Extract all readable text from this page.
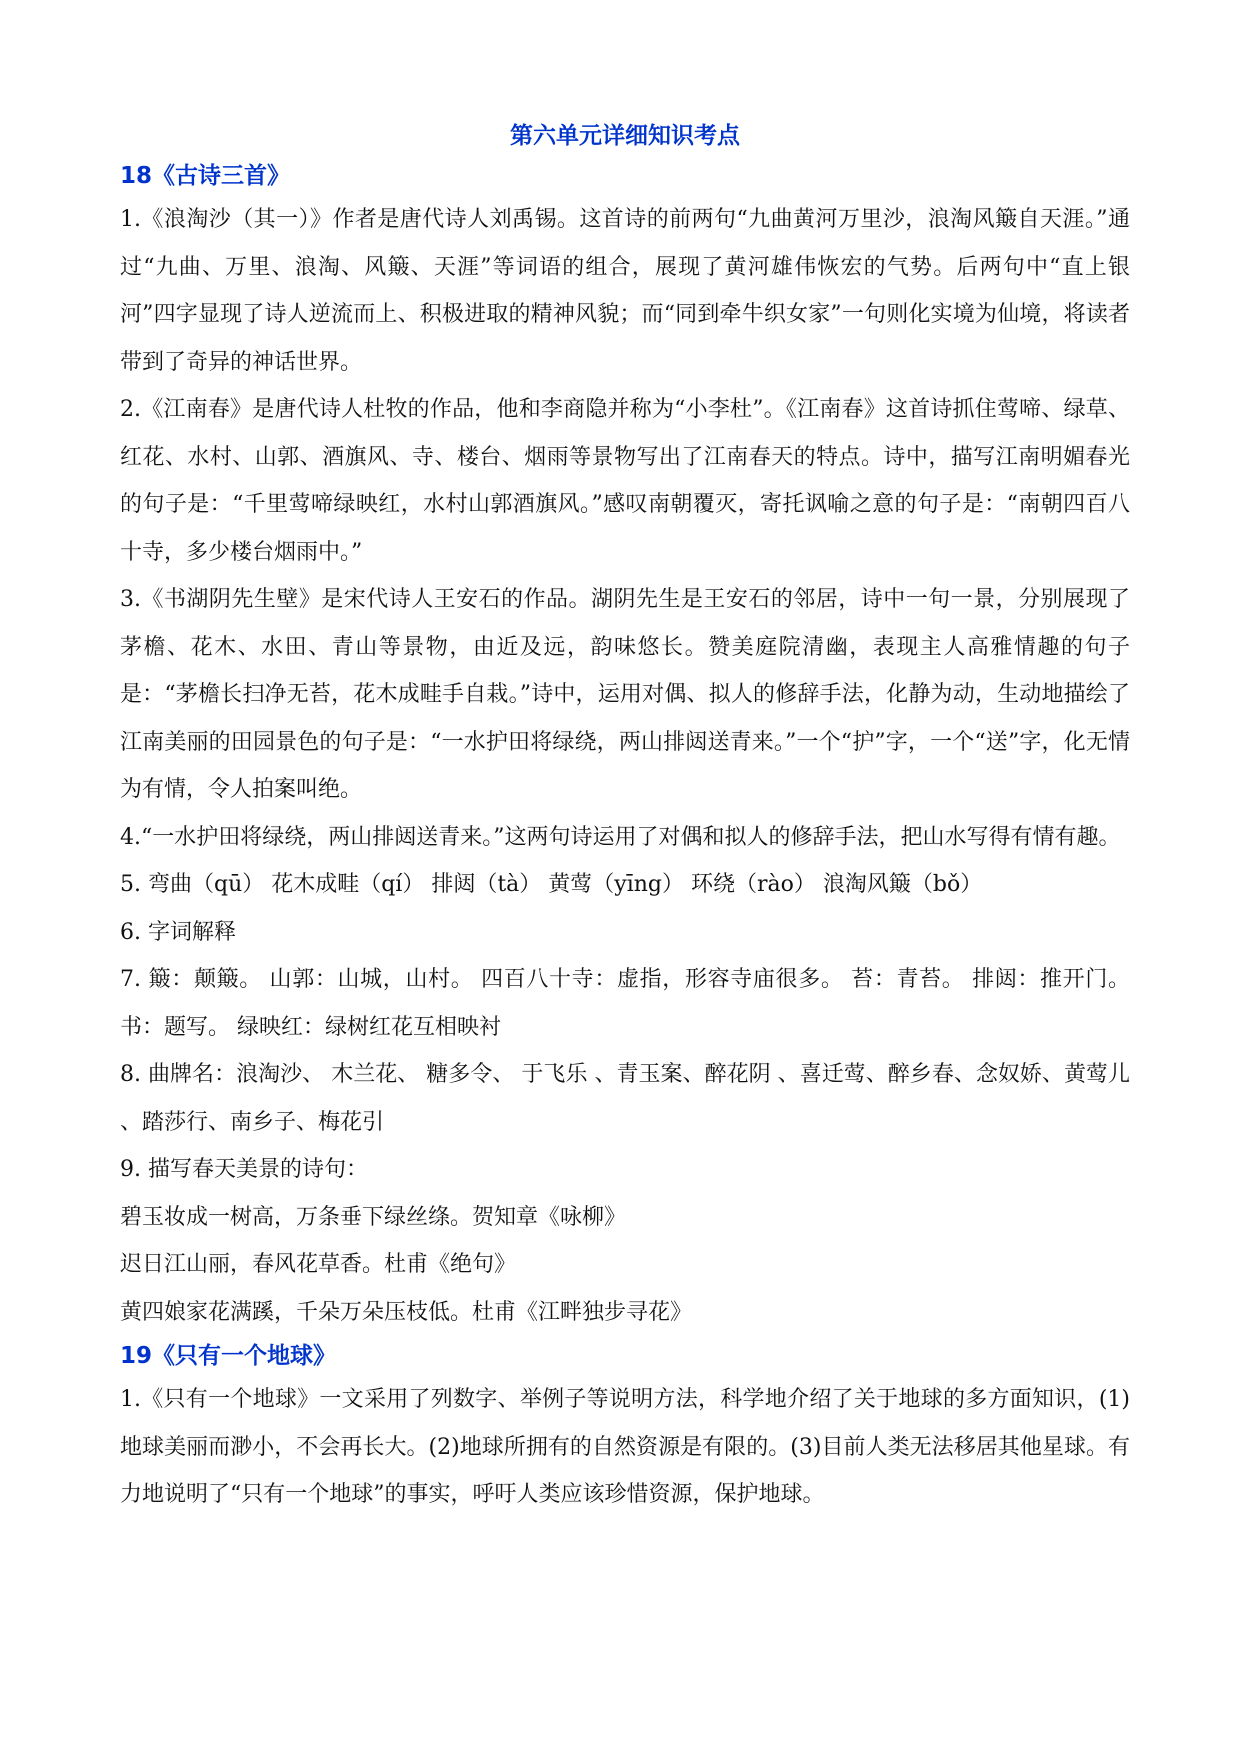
第六单元详细知识考点
18《古诗三首》

1.《浪淘沙（其一）》作者是唐代诗人刘禹锡。这首诗的前两句“九曲黄河万里沙，浪淘风簸自天涯。”通过“九曲、万里、浪淘、风簸、天涯”等词语的组合，展现了黄河雄伟恢宏的气势。后两句中“直上银河”四字显现了诗人逆流而上、积极进取的精神风貌；而“同到牵牛织女家”一句则化实境为仙境，将读者带到了奇异的神话世界。

2.《江南春》是唐代诗人杜牧的作品，他和李商隐并称为“小李杜”。《江南春》这首诗抓住莺啼、绿草、红花、水村、山郭、酒旗风、寺、楼台、烟雨等景物写出了江南春天的特点。诗中，描写江南明媚春光的句子是：“千里莺啼绿映红，水村山郭酒旗风。”感叹南朝覆灭，寄托讽喻之意的句子是：“南朝四百八十寺，多少楼台烟雨中。”

3.《书湖阴先生壁》是宋代诗人王安石的作品。湖阴先生是王安石的邻居，诗中一句一景，分别展现了茅檐、花木、水田、青山等景物，由近及远，韵味悠长。赞美庭院清幽，表现主人高雅情趣的句子是：“茅檐长扫净无苔，花木成畦手自栽。”诗中，运用对偶、拟人的修辞手法，化静为动，生动地描绘了江南美丽的田园景色的句子是：“一水护田将绿绕，两山排闼送青来。”一个“护”字，一个“送”字，化无情为有情，令人拍案叫绝。

4.“一水护田将绿绕，两山排闼送青来。”这两句诗运用了对偶和拟人的修辞手法，把山水写得有情有趣。

5. 弯曲（qū） 花木成畦（qí） 排闼（tà） 黄莺（yīng） 环绕（rào） 浪淘风簸（bǒ）

6. 字词解释

7. 簸：颠簸。 山郭：山城，山村。 四百八十寺：虚指，形容寺庙很多。 苔：青苔。 排闼：推开门。书：题写。 绿映红：绿树红花互相映衬

8. 曲牌名：浪淘沙、 木兰花、 糖多令、 于飞乐 、青玉案、醉花阴 、喜迁莺、醉乡春、念奴娇、黄莺儿 、踏莎行、南乡子、梅花引

9. 描写春天美景的诗句：

碧玉妆成一树高，万条垂下绿丝绦。贺知章《咏柳》

迟日江山丽，春风花草香。杜甫《绝句》

黄四娘家花满蹊，千朵万朵压枝低。杜甫《江畔独步寻花》

19《只有一个地球》

1.《只有一个地球》一文采用了列数字、举例子等说明方法，科学地介绍了关于地球的多方面知识，(1)地球美丽而渺小，不会再长大。(2)地球所拥有的自然资源是有限的。(3)目前人类无法移居其他星球。有力地说明了“只有一个地球”的事实，呼吁人类应该珍惜资源，保护地球。
